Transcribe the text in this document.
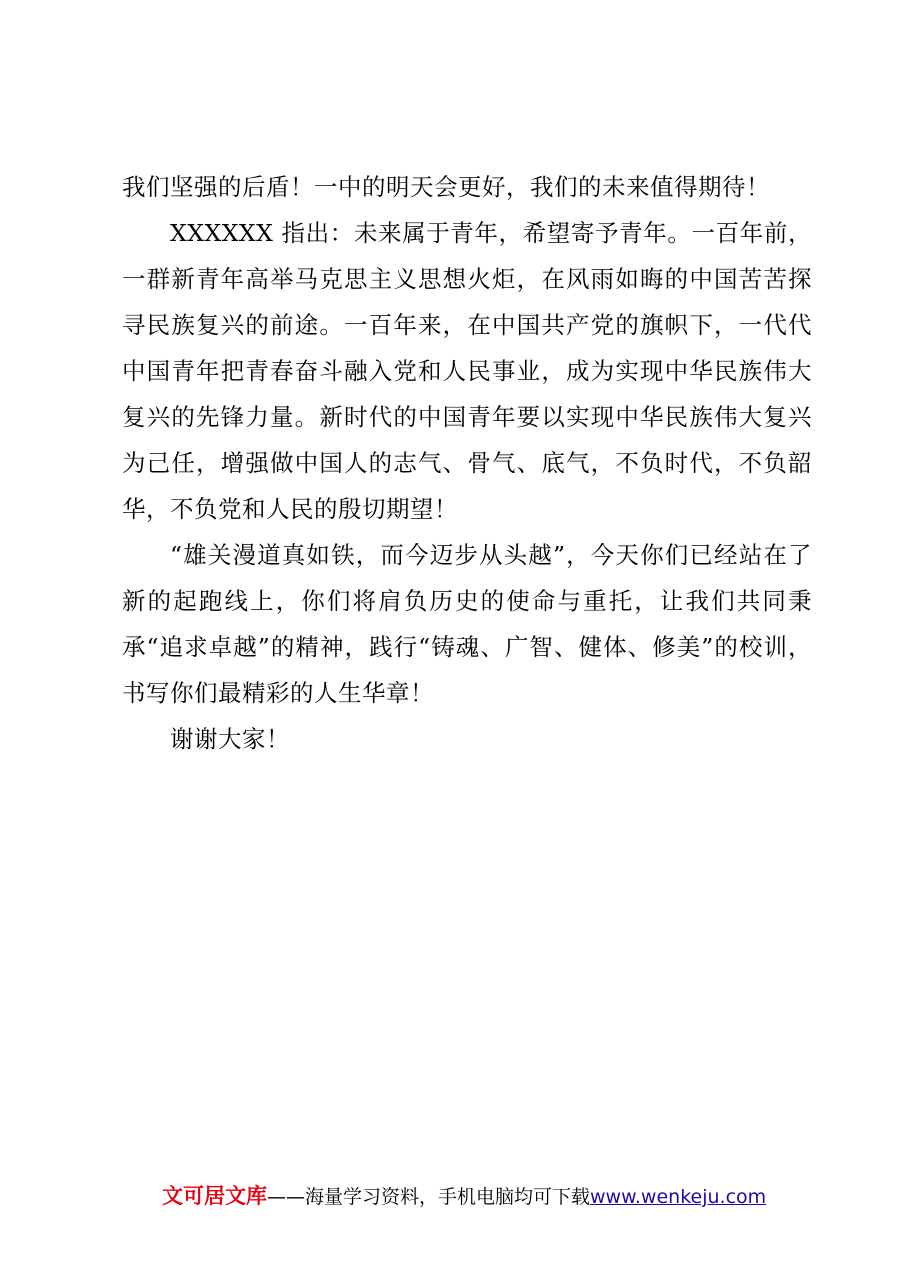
我们坚强的后盾！一中的明天会更好，我们的未来值得期待！

XXXXXX 指出：未来属于青年，希望寄予青年。一百年前，一群新青年高举马克思主义思想火炬，在风雨如晦的中国苦苦探寻民族复兴的前途。一百年来，在中国共产党的旗帜下，一代代中国青年把青春奋斗融入党和人民事业，成为实现中华民族伟大复兴的先锋力量。新时代的中国青年要以实现中华民族伟大复兴为己任，增强做中国人的志气、骨气、底气，不负时代，不负韶华，不负党和人民的殷切期望！

“雄关漫道真如铁，而今迈步从头越”，今天你们已经站在了新的起跑线上，你们将肩负历史的使命与重托，让我们共同秉承“追求卓越”的精神，践行“铸魂、广智、健体、修美”的校训，书写你们最精彩的人生华章！

谢谢大家！

文可居文库——海量学习资料，手机电脑均可下载www.wenkeju.com
